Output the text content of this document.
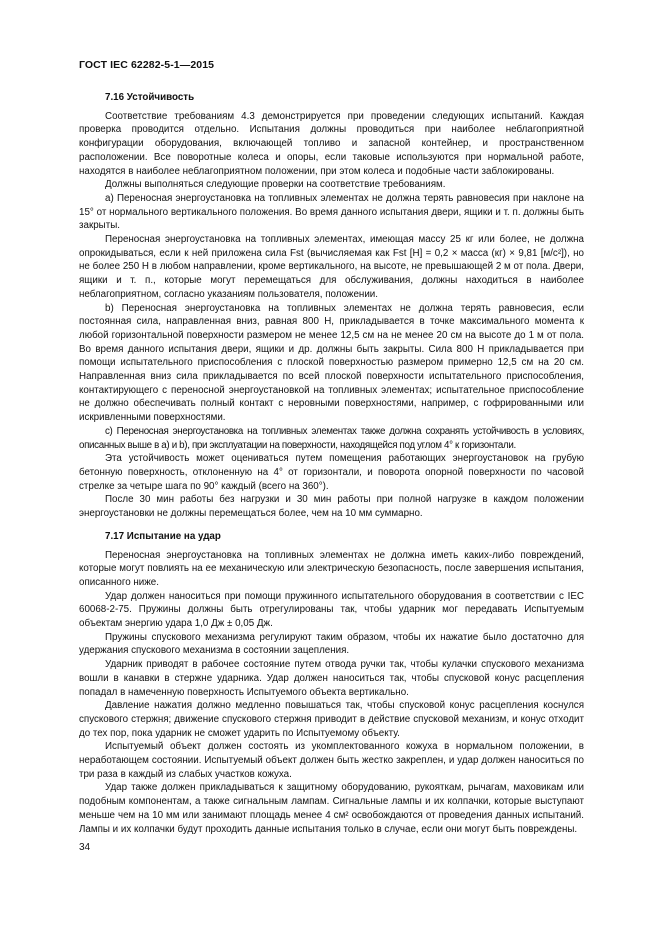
ГОСТ IEC 62282-5-1—2015
7.16 Устойчивость

Соответствие требованиям 4.3 демонстрируется при проведении следующих испытаний. Каждая проверка проводится отдельно. Испытания должны проводиться при наиболее неблагоприятной конфигурации оборудования, включающей топливо и запасной контейнер, и пространственном расположении. Все поворотные колеса и опоры, если таковые используются при нормальной работе, находятся в наиболее неблагоприятном положении, при этом колеса и подобные части заблокированы.

Должны выполняться следующие проверки на соответствие требованиям.

a) Переносная энергоустановка на топливных элементах не должна терять равновесия при наклоне на 15° от нормального вертикального положения. Во время данного испытания двери, ящики и т. п. должны быть закрыты.

Переносная энергоустановка на топливных элементах, имеющая массу 25 кг или более, не должна опрокидываться, если к ней приложена сила Fst (вычисляемая как Fst [Н] = 0,2 × масса (кг) × 9,81 [м/с²]), но не более 250 Н в любом направлении, кроме вертикального, на высоте, не превышающей 2 м от пола. Двери, ящики и т. п., которые могут перемещаться для обслуживания, должны находиться в наиболее неблагоприятном, согласно указаниям пользователя, положении.

b) Переносная энергоустановка на топливных элементах не должна терять равновесия, если постоянная сила, направленная вниз, равная 800 Н, прикладывается в точке максимального момента к любой горизонтальной поверхности размером не менее 12,5 см на не менее 20 см на высоте до 1 м от пола. Во время данного испытания двери, ящики и др. должны быть закрыты. Сила 800 Н прикладывается при помощи испытательного приспособления с плоской поверхностью размером примерно 12,5 см на 20 см. Направленная вниз сила прикладывается по всей плоской поверхности испытательного приспособления, контактирующего с переносной энергоустановкой на топливных элементах; испытательное приспособление не должно обеспечивать полный контакт с неровными поверхностями, например, с гофрированными или искривленными поверхностями.

c) Переносная энергоустановка на топливных элементах также должна сохранять устойчивость в условиях, описанных выше в a) и b), при эксплуатации на поверхности, находящейся под углом 4° к горизонтали.

Эта устойчивость может оцениваться путем помещения работающих энергоустановок на грубую бетонную поверхность, отклоненную на 4° от горизонтали, и поворота опорной поверхности по часовой стрелке за четыре шага по 90° каждый (всего на 360°).

После 30 мин работы без нагрузки и 30 мин работы при полной нагрузке в каждом положении энергоустановки не должны перемещаться более, чем на 10 мм суммарно.

7.17 Испытание на удар

Переносная энергоустановка на топливных элементах не должна иметь каких-либо повреждений, которые могут повлиять на ее механическую или электрическую безопасность, после завершения испытания, описанного ниже.

Удар должен наноситься при помощи пружинного испытательного оборудования в соответствии с IEC 60068-2-75. Пружины должны быть отрегулированы так, чтобы ударник мог передавать Испытуемым объектам энергию удара 1,0 Дж ± 0,05 Дж.

Пружины спускового механизма регулируют таким образом, чтобы их нажатие было достаточно для удержания спускового механизма в состоянии зацепления.

Ударник приводят в рабочее состояние путем отвода ручки так, чтобы кулачки спускового механизма вошли в канавки в стержне ударника. Удар должен наноситься так, чтобы спусковой конус расцепления попадал в намеченную поверхность Испытуемого объекта вертикально.

Давление нажатия должно медленно повышаться так, чтобы спусковой конус расцепления коснулся спускового стержня; движение спускового стержня приводит в действие спусковой механизм, и конус отходит до тех пор, пока ударник не сможет ударить по Испытуемому объекту.

Испытуемый объект должен состоять из укомплектованного кожуха в нормальном положении, в неработающем состоянии. Испытуемый объект должен быть жестко закреплен, и удар должен наноситься по три раза в каждый из слабых участков кожуха.

Удар также должен прикладываться к защитному оборудованию, рукояткам, рычагам, маховикам или подобным компонентам, а также сигнальным лампам. Сигнальные лампы и их колпачки, которые выступают меньше чем на 10 мм или занимают площадь менее 4 см² освобождаются от проведения данных испытаний. Лампы и их колпачки будут проходить данные испытания только в случае, если они могут быть повреждены.

34
